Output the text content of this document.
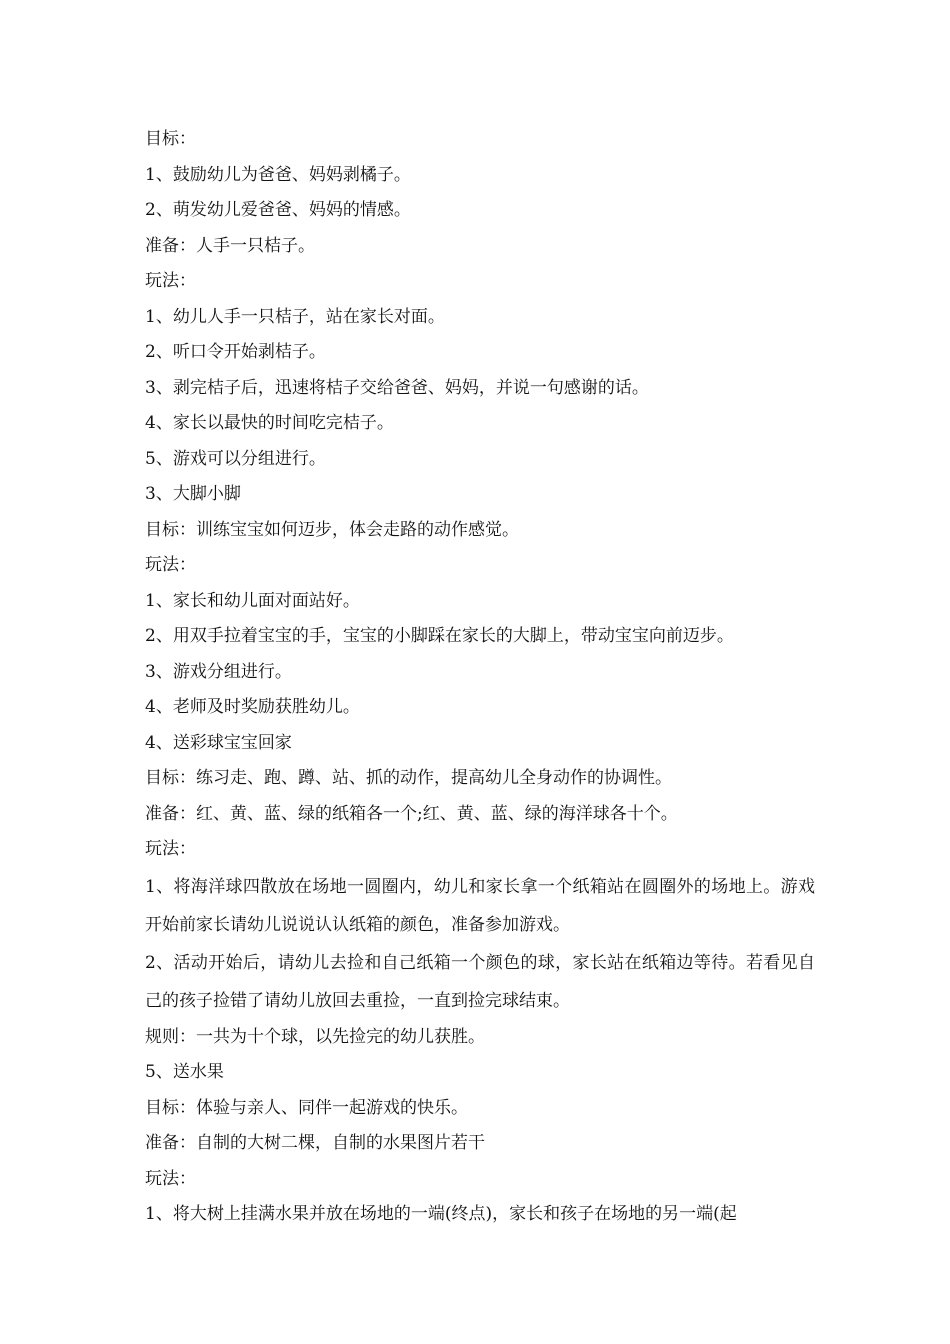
目标：
1、鼓励幼儿为爸爸、妈妈剥橘子。
2、萌发幼儿爱爸爸、妈妈的情感。
准备：人手一只桔子。
玩法：
1、幼儿人手一只桔子，站在家长对面。
2、听口令开始剥桔子。
3、剥完桔子后，迅速将桔子交给爸爸、妈妈，并说一句感谢的话。
4、家长以最快的时间吃完桔子。
5、游戏可以分组进行。
3、大脚小脚
目标：训练宝宝如何迈步，体会走路的动作感觉。
玩法：
1、家长和幼儿面对面站好。
2、用双手拉着宝宝的手，宝宝的小脚踩在家长的大脚上，带动宝宝向前迈步。
3、游戏分组进行。
4、老师及时奖励获胜幼儿。
4、送彩球宝宝回家
目标：练习走、跑、蹲、站、抓的动作，提高幼儿全身动作的协调性。
准备：红、黄、蓝、绿的纸箱各一个;红、黄、蓝、绿的海洋球各十个。
玩法：
1、将海洋球四散放在场地一圆圈内，幼儿和家长拿一个纸箱站在圆圈外的场地上。游戏开始前家长请幼儿说说认认纸箱的颜色，准备参加游戏。
2、活动开始后，请幼儿去捡和自己纸箱一个颜色的球，家长站在纸箱边等待。若看见自己的孩子捡错了请幼儿放回去重捡，一直到捡完球结束。
规则：一共为十个球，以先捡完的幼儿获胜。
5、送水果
目标：体验与亲人、同伴一起游戏的快乐。
准备：自制的大树二棵，自制的水果图片若干
玩法：
1、将大树上挂满水果并放在场地的一端(终点)，家长和孩子在场地的另一端(起
